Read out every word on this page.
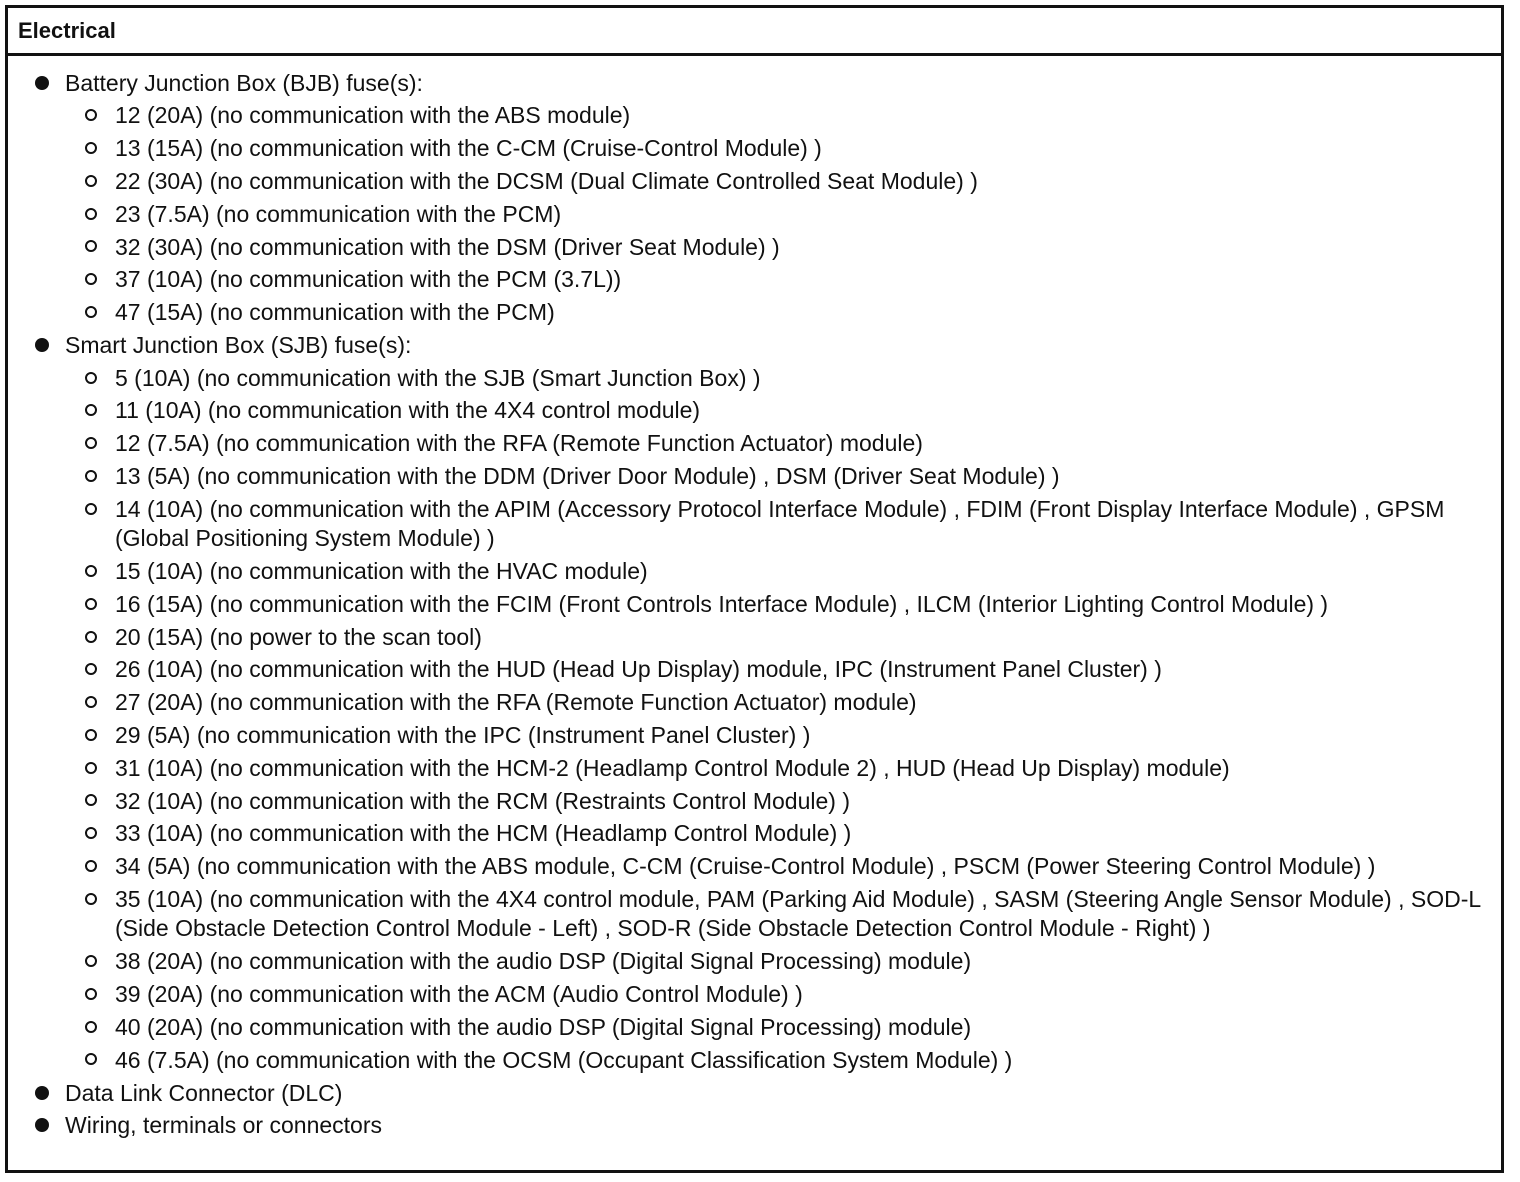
Electrical

Battery Junction Box (BJB) fuse(s):

12 (20A) (no communication with the ABS module)
13 (15A) (no communication with the C-CM (Cruise-Control Module) )
22 (30A) (no communication with the DCSM (Dual Climate Controlled Seat Module) )
23 (7.5A) (no communication with the PCM)
32 (30A) (no communication with the DSM (Driver Seat Module) )
37 (10A) (no communication with the PCM (3.7L))
47 (15A) (no communication with the PCM)

Smart Junction Box (SJB) fuse(s):

5 (10A) (no communication with the SJB (Smart Junction Box) )
11 (10A) (no communication with the 4X4 control module)
12 (7.5A) (no communication with the RFA (Remote Function Actuator) module)
13 (5A) (no communication with the DDM (Driver Door Module) , DSM (Driver Seat Module) )
14 (10A) (no communication with the APIM (Accessory Protocol Interface Module) , FDIM (Front Display Interface Module) , GPSM (Global Positioning System Module) )
15 (10A) (no communication with the HVAC module)
16 (15A) (no communication with the FCIM (Front Controls Interface Module) , ILCM (Interior Lighting Control Module) )
20 (15A) (no power to the scan tool)
26 (10A) (no communication with the HUD (Head Up Display) module, IPC (Instrument Panel Cluster) )
27 (20A) (no communication with the RFA (Remote Function Actuator) module)
29 (5A) (no communication with the IPC (Instrument Panel Cluster) )
31 (10A) (no communication with the HCM-2 (Headlamp Control Module 2) , HUD (Head Up Display) module)
32 (10A) (no communication with the RCM (Restraints Control Module) )
33 (10A) (no communication with the HCM (Headlamp Control Module) )
34 (5A) (no communication with the ABS module, C-CM (Cruise-Control Module) , PSCM (Power Steering Control Module) )
35 (10A) (no communication with the 4X4 control module, PAM (Parking Aid Module) , SASM (Steering Angle Sensor Module) , SOD-L (Side Obstacle Detection Control Module - Left) , SOD-R (Side Obstacle Detection Control Module - Right) )
38 (20A) (no communication with the audio DSP (Digital Signal Processing) module)
39 (20A) (no communication with the ACM (Audio Control Module) )
40 (20A) (no communication with the audio DSP (Digital Signal Processing) module)
46 (7.5A) (no communication with the OCSM (Occupant Classification System Module) )

Data Link Connector (DLC)

Wiring, terminals or connectors
